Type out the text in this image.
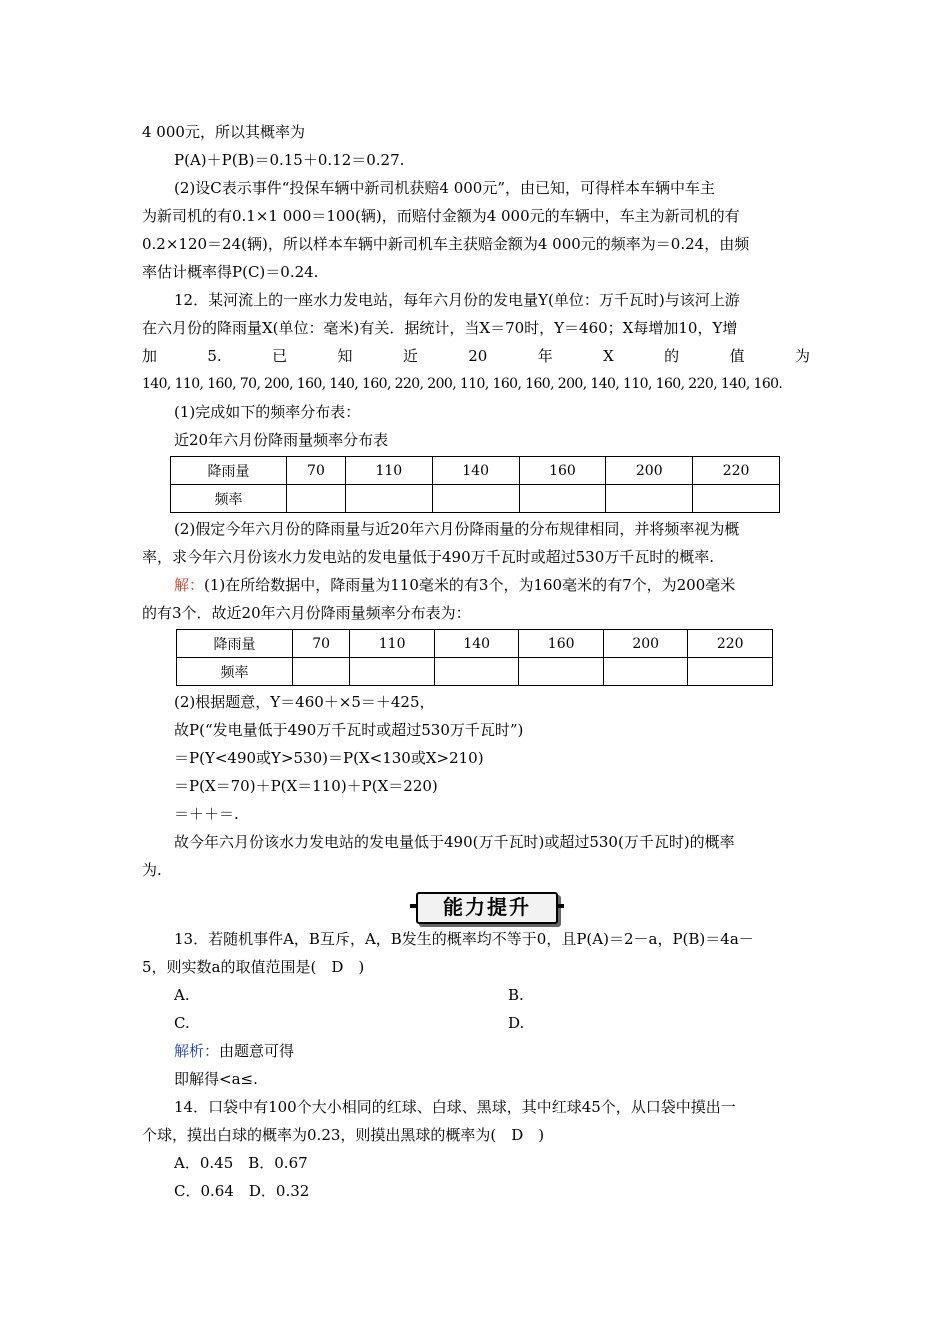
4 000元，所以其概率为
P(A)＋P(B)＝0.15＋0.12＝0.27.
(2)设C表示事件“投保车辆中新司机获赔4 000元”，由已知，可得样本车辆中车主
为新司机的有0.1×1 000＝100(辆)，而赔付金额为4 000元的车辆中，车主为新司机的有
0.2×120＝24(辆)，所以样本车辆中新司机车主获赔金额为4 000元的频率为＝0.24，由频
率估计概率得P(C)＝0.24.
12．某河流上的一座水力发电站，每年六月份的发电量Y(单位：万千瓦时)与该河上游
在六月份的降雨量X(单位：毫米)有关．据统计，当X＝70时，Y＝460；X每增加10，Y增
加	5.	已	知	近	20	年	X	的	值	为
140, 110, 160, 70, 200, 160, 140, 160, 220, 200, 110, 160, 160, 200, 140, 110, 160, 220, 140, 160.
(1)完成如下的频率分布表：
近20年六月份降雨量频率分布表
降雨量	70	110	140	160	200	220
频率						
(2)假定今年六月份的降雨量与近20年六月份降雨量的分布规律相同，并将频率视为概
率，求今年六月份该水力发电站的发电量低于490万千瓦时或超过530万千瓦时的概率.
解：(1)在所给数据中，降雨量为110毫米的有3个，为160毫米的有7个，为200毫米
的有3个．故近20年六月份降雨量频率分布表为：
降雨量	70	110	140	160	200	220
频率						
(2)根据题意，Y＝460＋×5＝＋425，
故P(“发电量低于490万千瓦时或超过530万千瓦时”)
＝P(Y<490或Y>530)＝P(X<130或X>210)
＝P(X＝70)＋P(X＝110)＋P(X＝220)
＝＋＋＝.
故今年六月份该水力发电站的发电量低于490(万千瓦时)或超过530(万千瓦时)的概率
为.
能力提升
13．若随机事件A，B互斥，A，B发生的概率均不等于0，且P(A)＝2－a，P(B)＝4a－
5，则实数a的取值范围是(　D　)
A.	B.
C.	D.
解析：由题意可得
即解得<a≤.
14．口袋中有100个大小相同的红球、白球、黑球，其中红球45个，从口袋中摸出一
个球，摸出白球的概率为0.23，则摸出黑球的概率为(　D　)
A．0.45　B．0.67
C．0.64　D．0.32
